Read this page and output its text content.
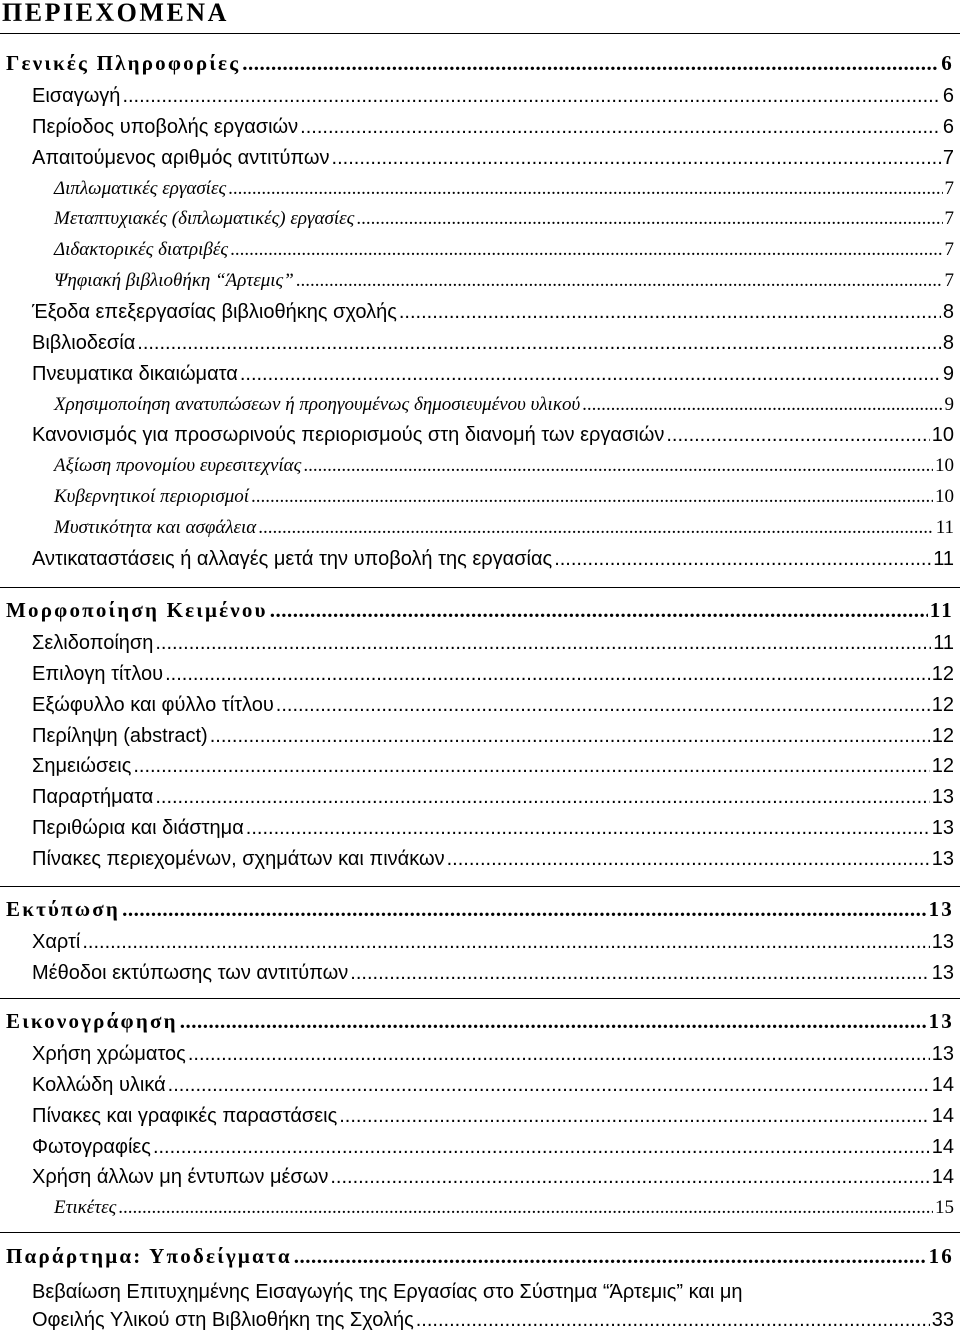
ΠΕΡΙΕΧΟΜΕΝΑ
Γενικές Πληροφορίες .....	6
Εισαγωγή .....	6
Περίοδος υποβολής εργασιών .....	6
Απαιτούμενος αριθμός αντιτύπων .....	7
Διπλωματικές εργασίες .....	7
Μεταπτυχιακές (διπλωματικές) εργασίες .....	7
Διδακτορικές διατριβές .....	7
Ψηφιακή βιβλιοθήκη “Άρτεμις” .....	7
Έξοδα επεξεργασίας βιβλιοθήκης σχολής .....	8
Βιβλιοδεσία .....	8
Πνευματικα δικαιώματα .....	9
Χρησιμοποίηση ανατυπώσεων ή προηγουμένως δημοσιευμένου υλικού .....	9
Κανονισμός για προσωρινούς περιορισμούς στη διανομή των εργασιών .....	10
Αξίωση προνομίου ευρεσιτεχνίας .....	10
Κυβερνητικοί περιορισμοί .....	10
Μυστικότητα και ασφάλεια .....	11
Αντικαταστάσεις ή αλλαγές μετά την υποβολή της εργασίας .....	11
Μορφοποίηση Κειμένου .....	11
Σελιδοποίηση .....	11
Επιλογη τίτλου .....	12
Εξώφυλλο και φύλλο τίτλου .....	12
Περίληψη (abstract) .....	12
Σημειώσεις .....	12
Παραρτήματα .....	13
Περιθώρια και διάστημα .....	13
Πίνακες περιεχομένων, σχημάτων και πινάκων .....	13
Εκτύπωση .....	13
Χαρτί .....	13
Μέθοδοι εκτύπωσης των αντιτύπων .....	13
Εικονογράφηση .....	13
Χρήση χρώματος .....	13
Κολλώδη υλικά .....	14
Πίνακες και γραφικές παραστάσεις .....	14
Φωτογραφίες .....	14
Χρήση άλλων μη έντυπων μέσων .....	14
Ετικέτες .....	15
Παράρτημα: Υποδείγματα .....	16
Βεβαίωση Επιτυχημένης Εισαγωγής της Εργασίας στο Σύστημα “Άρτεμις” και μη
Οφειλής Υλικού στη Βιβλιοθήκη της Σχολής .....	33
